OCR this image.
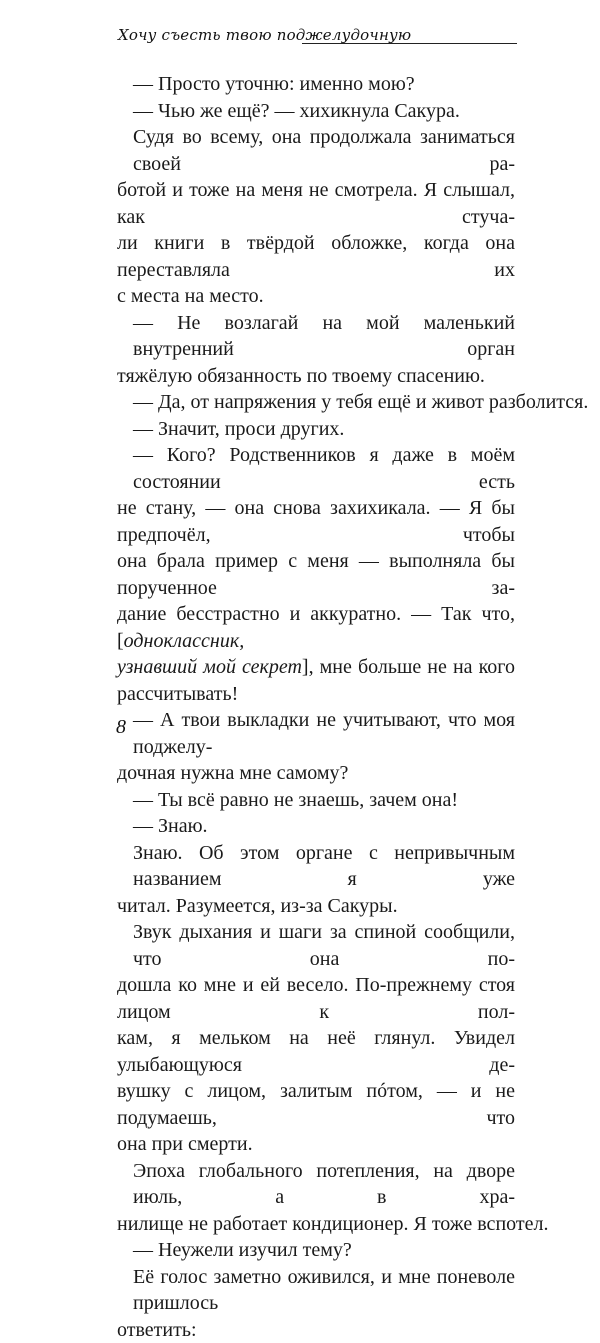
Хочу съесть твою поджелудочную
— Просто уточню: именно мою?
— Чью же ещё? — хихикнула Сакура.
Судя во всему, она продолжала заниматься своей ра-
ботой и тоже на меня не смотрела. Я слышал, как стуча-
ли книги в твёрдой обложке, когда она переставляла их
с места на место.
— Не возлагай на мой маленький внутренний орган
тяжёлую обязанность по твоему спасению.
— Да, от напряжения у тебя ещё и живот разболится.
— Значит, проси других.
— Кого? Родственников я даже в моём состоянии есть
не стану, — она снова захихикала. — Я бы предпочёл, чтобы
она брала пример с меня — выполняла бы порученное за-
дание бесстрастно и аккуратно. — Так что, [одноклассник,
узнавший мой секрет], мне больше не на кого рассчитывать!
— А твои выкладки не учитывают, что моя поджелу-
дочная нужна мне самому?
— Ты всё равно не знаешь, зачем она!
— Знаю.
Знаю. Об этом органе с непривычным названием я уже
читал. Разумеется, из-за Сакуры.
Звук дыхания и шаги за спиной сообщили, что она по-
дошла ко мне и ей весело. По-прежнему стоя лицом к пол-
кам, я мельком на неё глянул. Увидел улыбающуюся де-
вушку с лицом, залитым пóтом, — и не подумаешь, что
она при смерти.
Эпоха глобального потепления, на дворе июль, а в хра-
нилище не работает кондиционер. Я тоже вспотел.
— Неужели изучил тему?
Её голос заметно оживился, и мне поневоле пришлось
ответить:
8
